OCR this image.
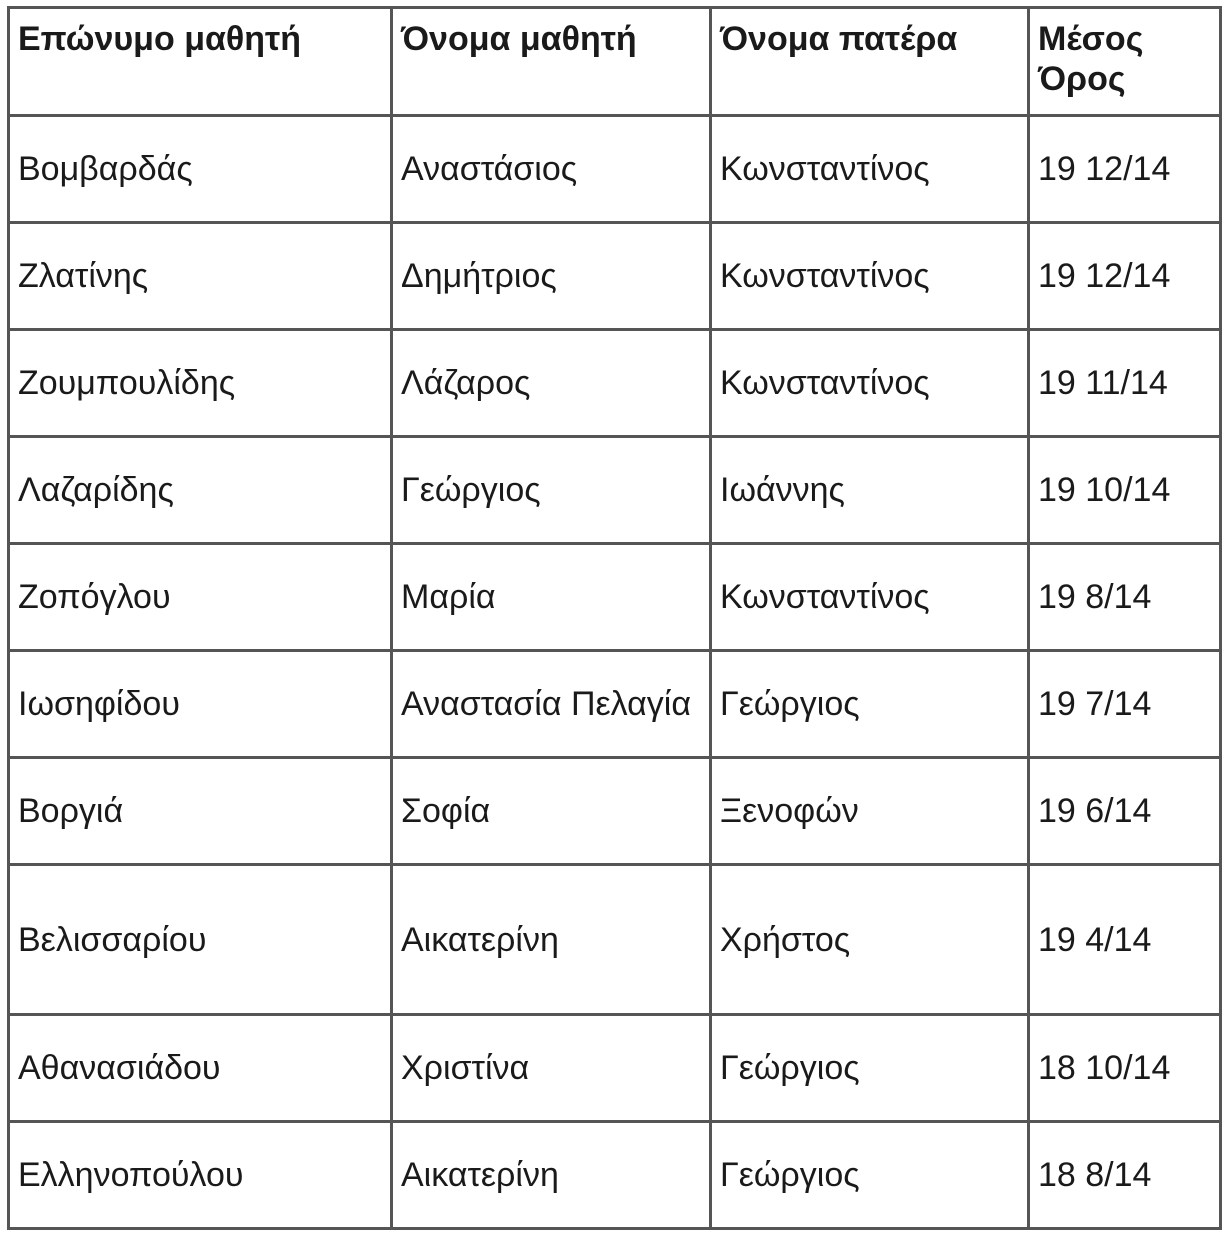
Επώνυμο μαθητή	Όνομα μαθητή	Όνομα πατέρα	Μέσος Όρος
Βομβαρδάς	Αναστάσιος	Κωνσταντίνος	19 12/14
Ζλατίνης	Δημήτριος	Κωνσταντίνος	19 12/14
Ζουμπουλίδης	Λάζαρος	Κωνσταντίνος	19 11/14
Λαζαρίδης	Γεώργιος	Ιωάννης	19 10/14
Ζοπόγλου	Μαρία	Κωνσταντίνος	19 8/14
Ιωσηφίδου	Αναστασία Πελαγία	Γεώργιος	19 7/14
Βοργιά	Σοφία	Ξενοφών	19 6/14
Βελισσαρίου	Αικατερίνη	Χρήστος	19 4/14
Αθανασιάδου	Χριστίνα	Γεώργιος	18 10/14
Ελληνοπούλου	Αικατερίνη	Γεώργιος	18 8/14
